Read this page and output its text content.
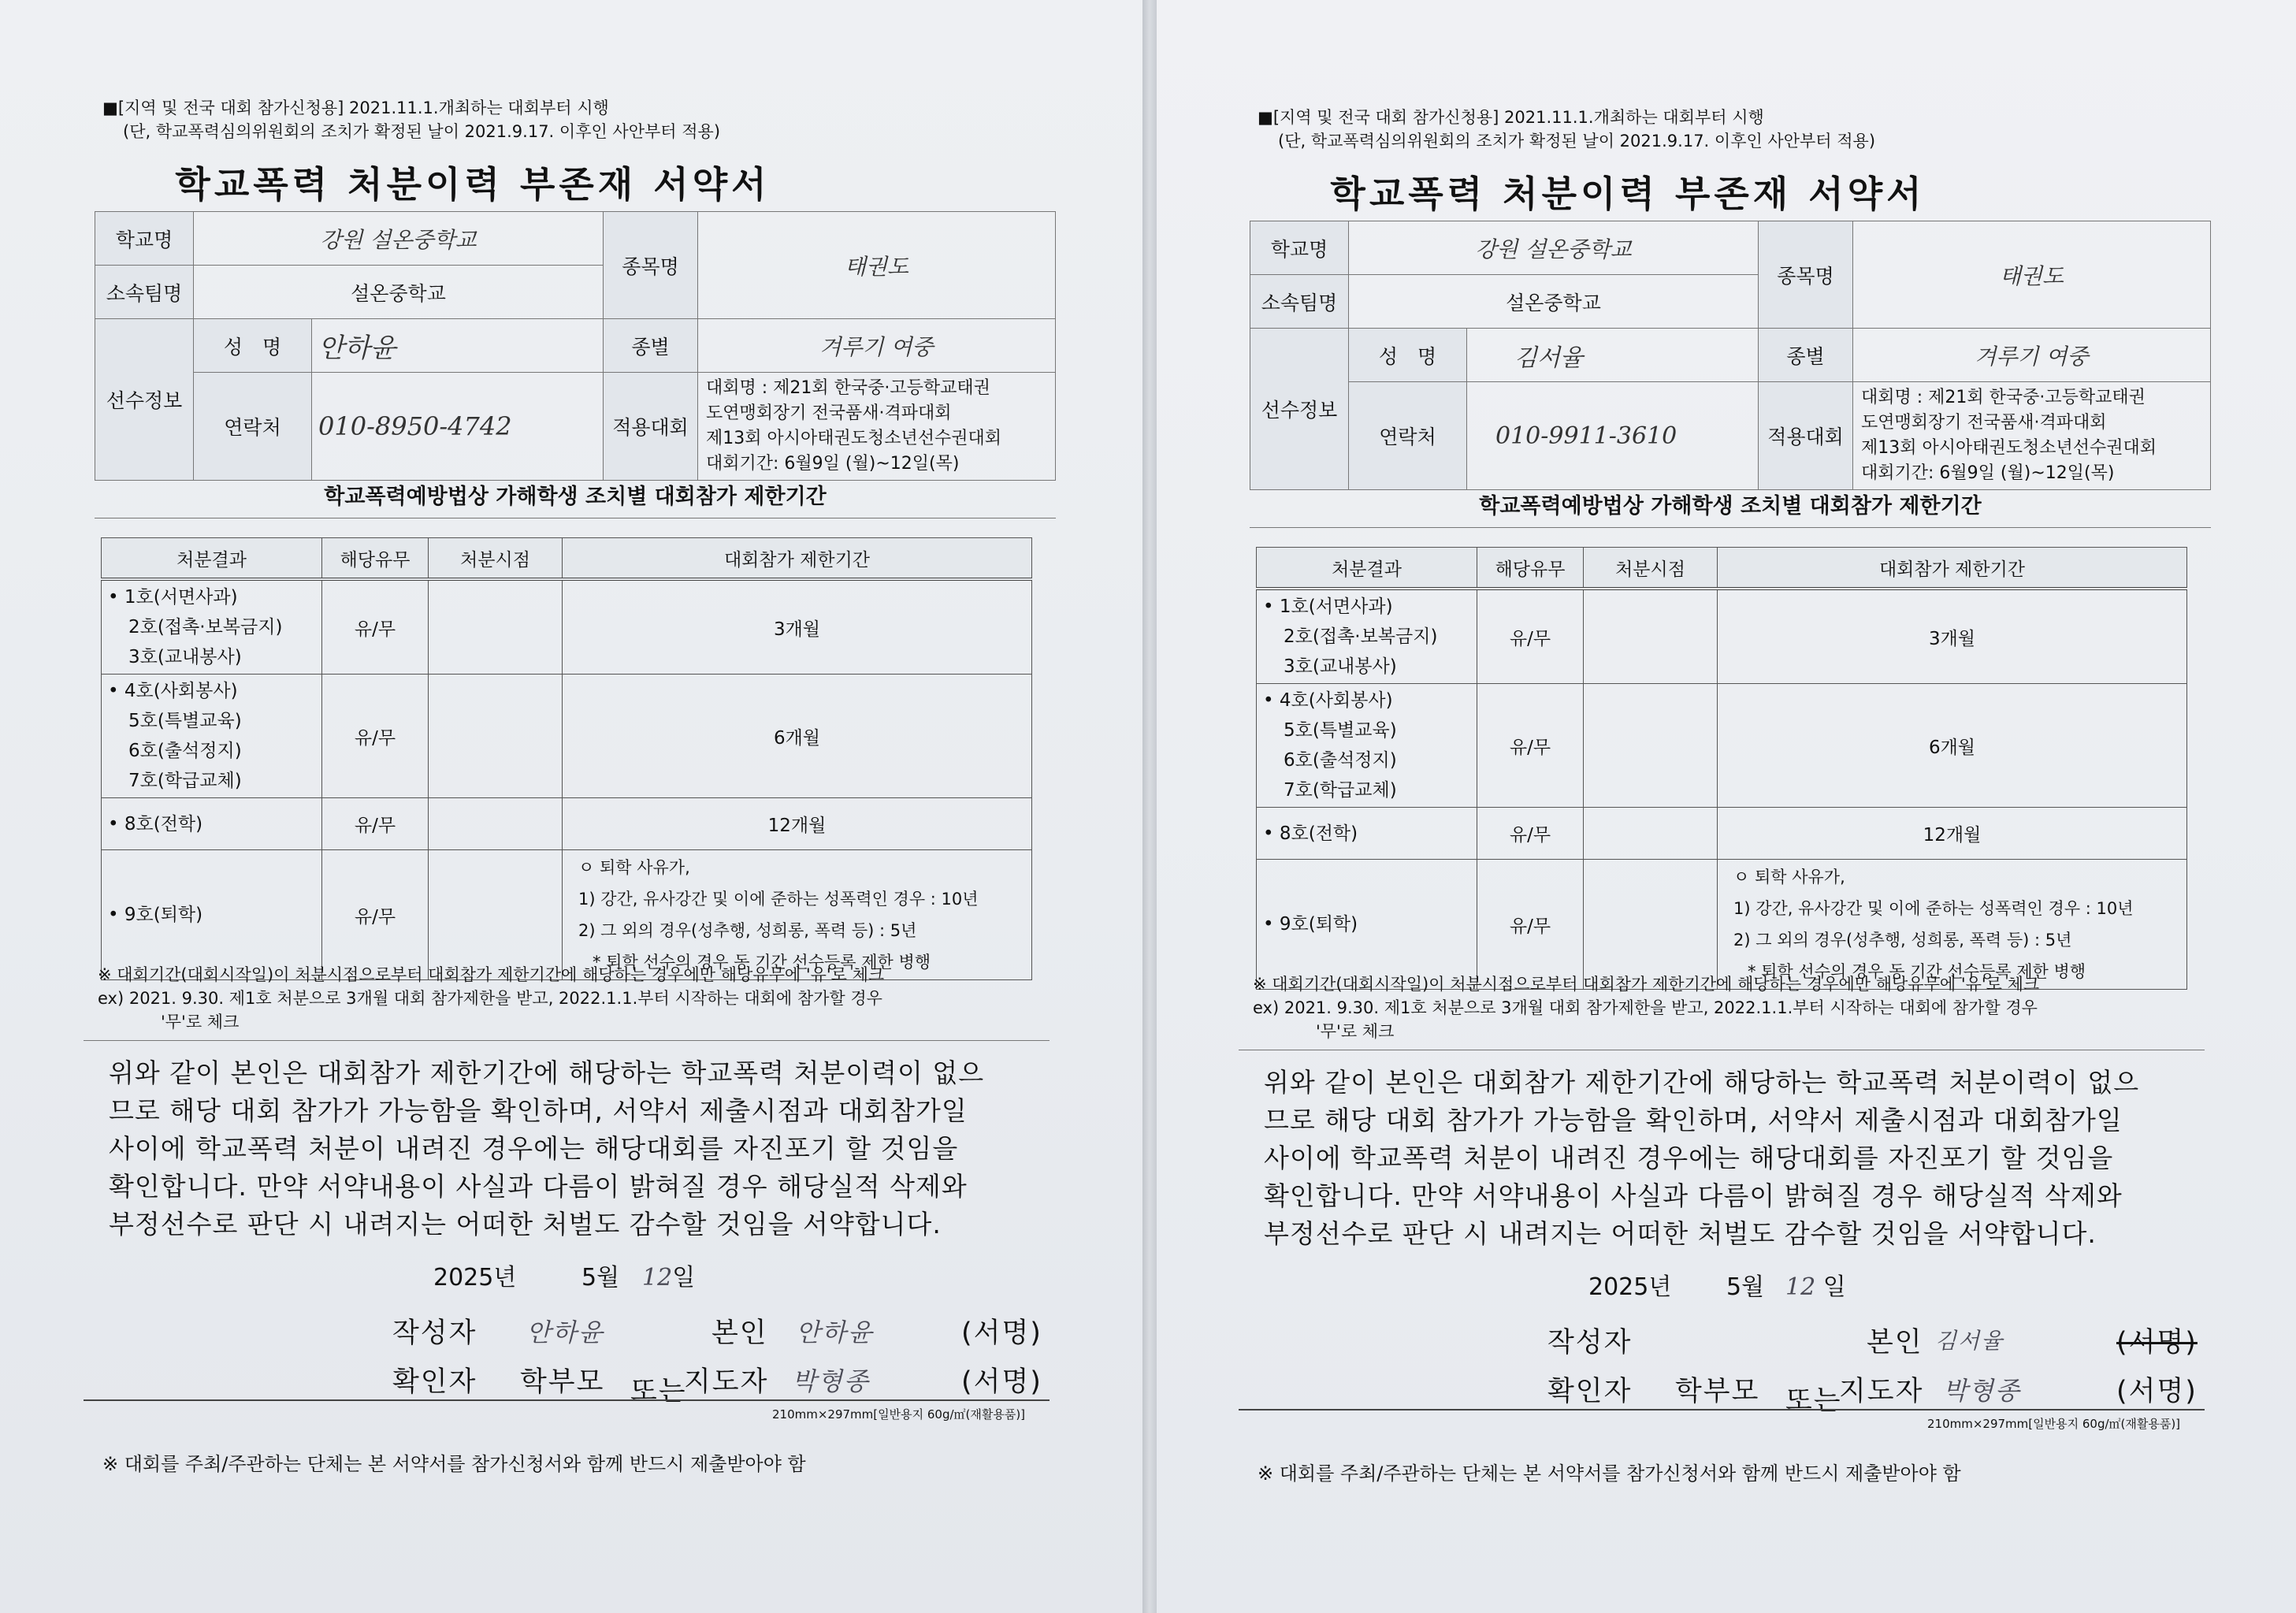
■[지역 및 전국 대회 참가신청용] 2021.11.1.개최하는 대회부터 시행
(단, 학교폭력심의위원회의 조치가 확정된 날이 2021.9.17. 이후인 사안부터 적용)
학교폭력 처분이력 부존재 서약서
학교명	강원 설온중학교		종목명	태권도
소속팀명	설온중학교			
선수정보	성　명	안하윤	종별	겨루기 여중
	연락처	010-8950-4742	적용대회	대회명 : 제21회 한국중·고등학교태권
도연맹회장기 전국품새·격파대회
제13회 아시아태권도청소년선수권대회
대회기간: 6월9일 (월)~12일(목)
학교폭력예방법상 가해학생 조치별 대회참가 제한기간
처분결과	해당유무	처분시점	대회참가 제한기간

• 1호(서면사과)
2호(접촉·보복금지)
3호(교내봉사)	유/무		3개월

• 4호(사회봉사)
5호(특별교육)
6호(출석정지)
7호(학급교체)	유/무		6개월

• 8호(전학)	유/무		12개월

• 9호(퇴학)	유/무		ㅇ 퇴학 사유가,
1) 강간, 유사강간 및 이에 준하는 성폭력인 경우 : 10년
2) 그 외의 경우(성추행, 성희롱, 폭력 등) : 5년
* 퇴학 선수의 경우 동 기간 선수등록 제한 병행
※ 대회기간(대회시작일)이 처분시점으로부터 대회참가 제한기간에 해당하는 경우에만 해당유무에 '유'로 체크
ex) 2021. 9.30. 제1호 처분으로 3개월 대회 참가제한을 받고, 2022.1.1.부터 시작하는 대회에 참가할 경우
'무'로 체크
위와 같이 본인은 대회참가 제한기간에 해당하는 학교폭력 처분이력이 없으
므로 해당 대회 참가가 가능함을 확인하며, 서약서 제출시점과 대회참가일
사이에 학교폭력 처분이 내려진 경우에는 해당대회를 자진포기 할 것임을
확인합니다. 만약 서약내용이 사실과 다름이 밝혀질 경우 해당실적 삭제와
부정선수로 판단 시 내려지는 어떠한 처벌도 감수할 것임을 서약합니다.
2025년	5월 12일
작성자 안하윤	본인 안하윤	(서명)
확인자 학부모 또는
지도자 박형종	(서명)
210mm×297mm[일반용지 60g/㎡(재활용품)]
※ 대회를 주최/주관하는 단체는 본 서약서를 참가신청서와 함께 반드시 제출받아야 함
■[지역 및 전국 대회 참가신청용] 2021.11.1.개최하는 대회부터 시행
(단, 학교폭력심의위원회의 조치가 확정된 날이 2021.9.17. 이후인 사안부터 적용)
학교폭력 처분이력 부존재 서약서
학교명	강원 설온중학교		종목명	태권도
소속팀명	설온중학교			
선수정보	성　명	김서율	종별	겨루기 여중
	연락처	010-9911-3610	적용대회	대회명 : 제21회 한국중·고등학교태권
도연맹회장기 전국품새·격파대회
제13회 아시아태권도청소년선수권대회
대회기간: 6월9일 (월)~12일(목)
학교폭력예방법상 가해학생 조치별 대회참가 제한기간
처분결과	해당유무	처분시점	대회참가 제한기간

• 1호(서면사과)
2호(접촉·보복금지)
3호(교내봉사)	유/무		3개월

• 4호(사회봉사)
5호(특별교육)
6호(출석정지)
7호(학급교체)	유/무		6개월

• 8호(전학)	유/무		12개월

• 9호(퇴학)	유/무		ㅇ 퇴학 사유가,
1) 강간, 유사강간 및 이에 준하는 성폭력인 경우 : 10년
2) 그 외의 경우(성추행, 성희롱, 폭력 등) : 5년
* 퇴학 선수의 경우 동 기간 선수등록 제한 병행
※ 대회기간(대회시작일)이 처분시점으로부터 대회참가 제한기간에 해당하는 경우에만 해당유무에 '유'로 체크
ex) 2021. 9.30. 제1호 처분으로 3개월 대회 참가제한을 받고, 2022.1.1.부터 시작하는 대회에 참가할 경우
'무'로 체크
위와 같이 본인은 대회참가 제한기간에 해당하는 학교폭력 처분이력이 없으
므로 해당 대회 참가가 가능함을 확인하며, 서약서 제출시점과 대회참가일
사이에 학교폭력 처분이 내려진 경우에는 해당대회를 자진포기 할 것임을
확인합니다. 만약 서약내용이 사실과 다름이 밝혀질 경우 해당실적 삭제와
부정선수로 판단 시 내려지는 어떠한 처벌도 감수할 것임을 서약합니다.
2025년 5월 12 일
작성자	본인 김서율	(서명)
확인자 학부모 또는
지도자 박형종	(서명)
210mm×297mm[일반용지 60g/㎡(재활용품)]
※ 대회를 주최/주관하는 단체는 본 서약서를 참가신청서와 함께 반드시 제출받아야 함
